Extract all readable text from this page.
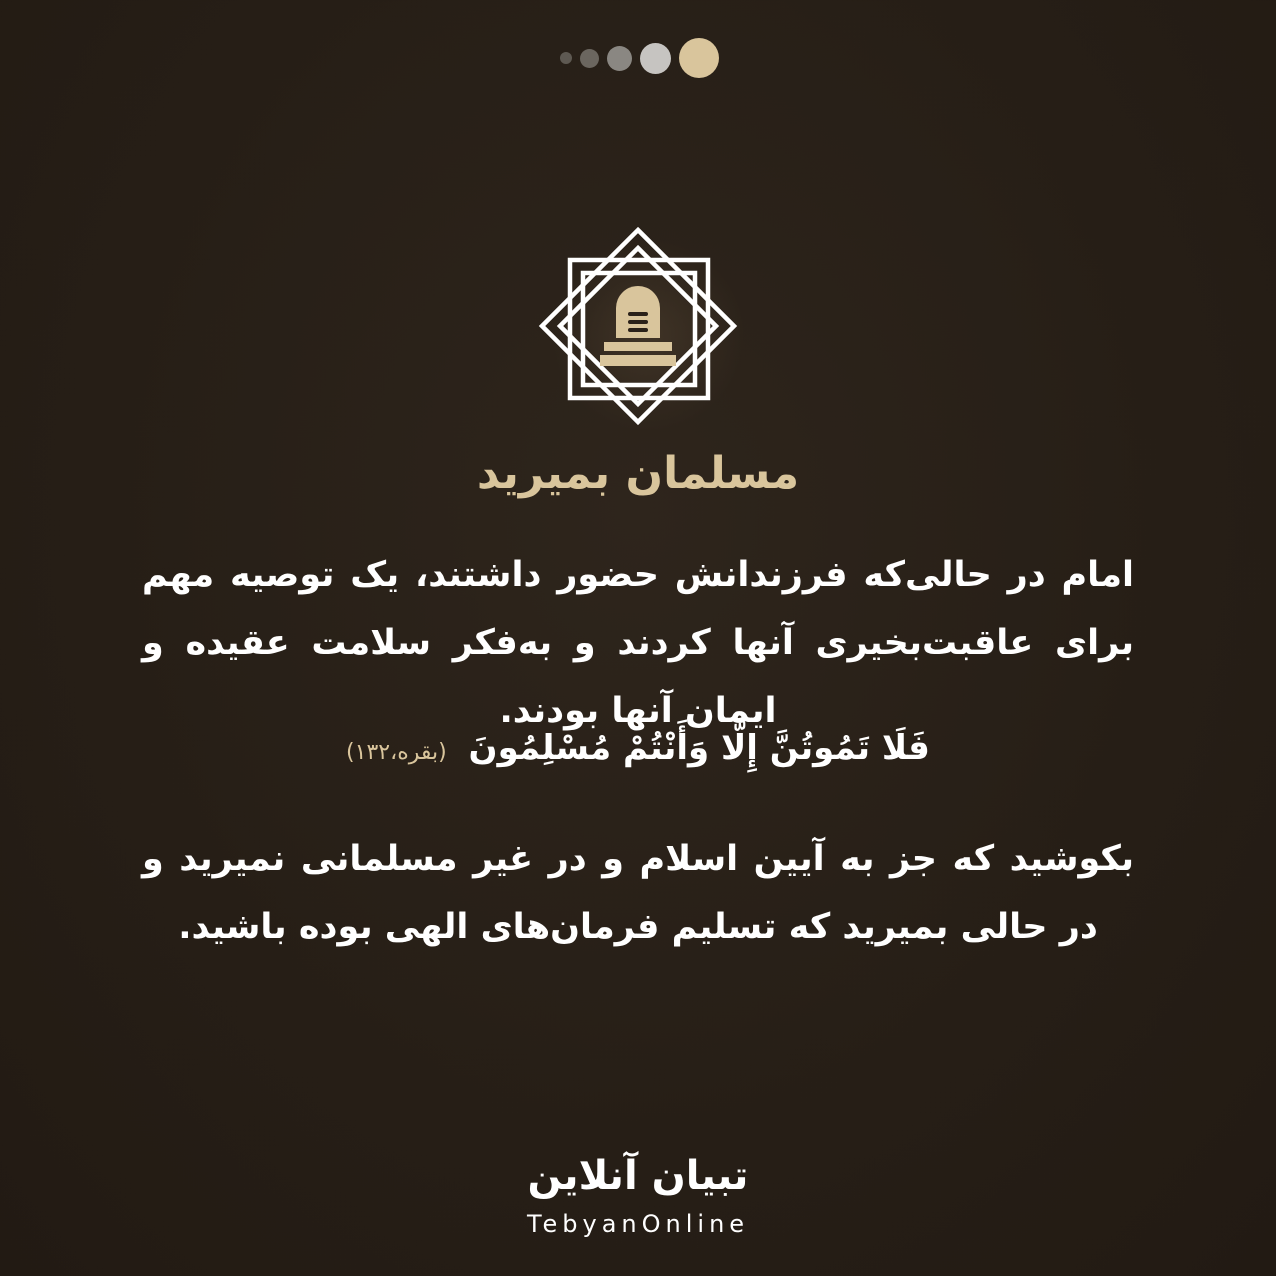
مسلمان بمیرید
امام در حالی‌که فرزندانش حضور داشتند، یک توصیه مهم برای عاقبت‌بخیری آنها کردند و به‌فکر سلامت عقیده و ایمان آنها بودند.
فَلَا تَمُوتُنَّ إِلَّا وَأَنْتُمْ مُسْلِمُونَ (بقره،۱۳۲)
بکوشید که جز به آیین اسلام و در غیر مسلمانی نمیرید و در حالی بمیرید که تسلیم فرمان‌های الهی بوده باشید.
تبیان آنلاین
TebyanOnline
